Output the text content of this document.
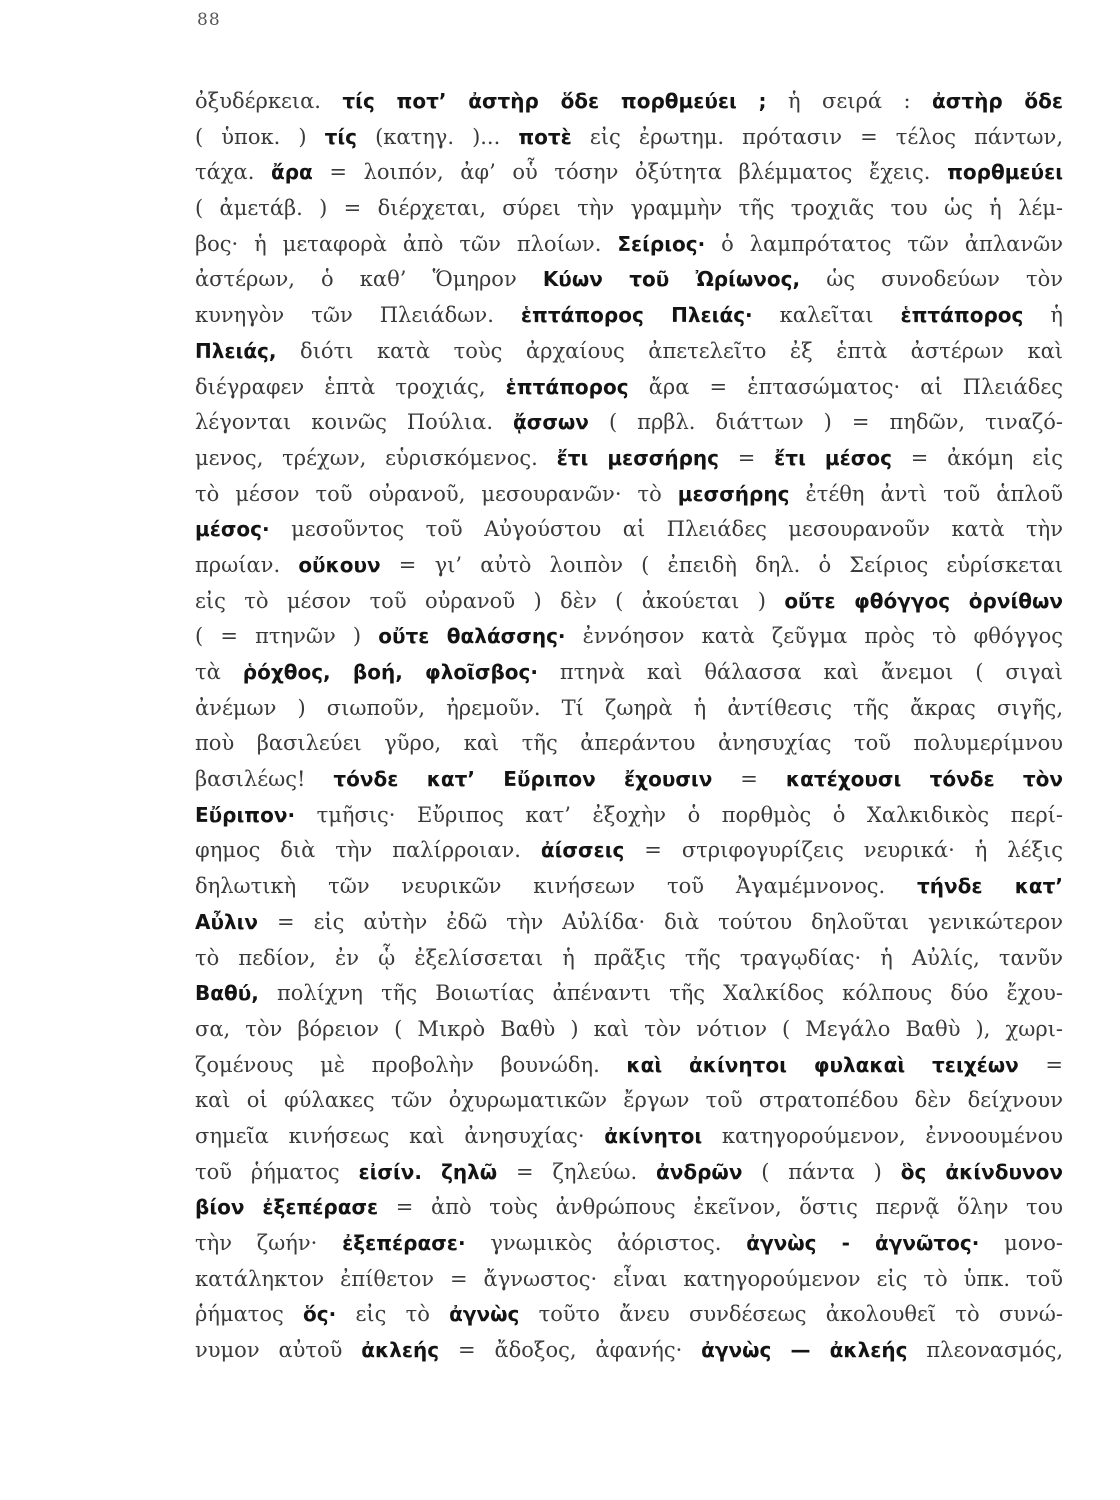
88
ὀξυδέρκεια. τίς ποτ’ ἀστὴρ ὅδε πορθμεύει ; ἡ σειρά : ἀστὴρ ὅδε
( ὑποκ. ) τίς (κατηγ. )... ποτὲ εἰς ἐρωτημ. πρότασιν = τέλος πάντων,
τάχα. ἄρα = λοιπόν, ἀφ’ οὗ τόσην ὀξύτητα βλέμματος ἔχεις. πορθμεύει
( ἀμετάβ. ) = διέρχεται, σύρει τὴν γραμμὴν τῆς τροχιᾶς του ὡς ἡ λέμ-
βος· ἡ μεταφορὰ ἀπὸ τῶν πλοίων. Σείριος· ὁ λαμπρότατος τῶν ἀπλανῶν
ἀστέρων, ὁ καθ’ Ὅμηρον Κύων τοῦ Ὠρίωνος, ὡς συνοδεύων τὸν
κυνηγὸν τῶν Πλειάδων. ἑπτάπορος Πλειάς· καλεῖται ἑπτάπορος ἡ
Πλειάς, διότι κατὰ τοὺς ἀρχαίους ἀπετελεῖτο ἐξ ἑπτὰ ἀστέρων καὶ
διέγραφεν ἑπτὰ τροχιάς, ἑπτάπορος ἄρα = ἑπτασώματος· αἱ Πλειάδες
λέγονται κοινῶς Πούλια. ᾄσσων ( πρβλ. διάττων ) = πηδῶν, τιναζό-
μενος, τρέχων, εὑρισκόμενος. ἔτι μεσσήρης = ἔτι μέσος = ἀκόμη εἰς
τὸ μέσον τοῦ οὐρανοῦ, μεσουρανῶν· τὸ μεσσήρης ἐτέθη ἀντὶ τοῦ ἁπλοῦ
μέσος· μεσοῦντος τοῦ Αὐγούστου αἱ Πλειάδες μεσουρανοῦν κατὰ τὴν
πρωίαν. οὔκουν = γι’ αὐτὸ λοιπὸν ( ἐπειδὴ δηλ. ὁ Σείριος εὑρίσκεται
εἰς τὸ μέσον τοῦ οὐρανοῦ ) δὲν ( ἀκούεται ) οὔτε φθόγγος ὀρνίθων
( = πτηνῶν ) οὔτε θαλάσσης· ἐννόησον κατὰ ζεῦγμα πρὸς τὸ φθόγγος
τὰ ῥόχθος, βοή, φλοῖσβος· πτηνὰ καὶ θάλασσα καὶ ἄνεμοι ( σιγαὶ
ἀνέμων ) σιωποῦν, ἠρεμοῦν. Τί ζωηρὰ ἡ ἀντίθεσις τῆς ἄκρας σιγῆς,
ποὺ βασιλεύει γῦρο, καὶ τῆς ἀπεράντου ἀνησυχίας τοῦ πολυμερίμνου
βασιλέως! τόνδε κατ’ Εὔριπον ἔχουσιν = κατέχουσι τόνδε τὸν
Εὔριπον· τμῆσις· Εὔριπος κατ’ ἐξοχὴν ὁ πορθμὸς ὁ Χαλκιδικὸς περί-
φημος διὰ τὴν παλίρροιαν. ἀίσσεις = στριφογυρίζεις νευρικά· ἡ λέξις
δηλωτικὴ τῶν νευρικῶν κινήσεων τοῦ Ἀγαμέμνονος. τήνδε κατ’
Αὖλιν = εἰς αὐτὴν ἐδῶ τὴν Αὐλίδα· διὰ τούτου δηλοῦται γενικώτερον
τὸ πεδίον, ἐν ᾧ ἐξελίσσεται ἡ πρᾶξις τῆς τραγῳδίας· ἡ Αὐλίς, τανῦν
Βαθύ, πολίχνη τῆς Βοιωτίας ἀπέναντι τῆς Χαλκίδος κόλπους δύο ἔχου-
σα, τὸν βόρειον ( Μικρὸ Βαθὺ ) καὶ τὸν νότιον ( Μεγάλο Βαθὺ ), χωρι-
ζομένους μὲ προβολὴν βουνώδη. καὶ ἀκίνητοι φυλακαὶ τειχέων =
καὶ οἱ φύλακες τῶν ὀχυρωματικῶν ἔργων τοῦ στρατοπέδου δὲν δείχνουν
σημεῖα κινήσεως καὶ ἀνησυχίας· ἀκίνητοι κατηγορούμενον, ἐννοουμένου
τοῦ ῥήματος εἰσίν. ζηλῶ = ζηλεύω. ἀνδρῶν ( πάντα ) ὃς ἀκίνδυνον
βίον ἐξεπέρασε = ἀπὸ τοὺς ἀνθρώπους ἐκεῖνον, ὅστις περνᾷ ὅλην του
τὴν ζωήν· ἐξεπέρασε· γνωμικὸς ἀόριστος. ἀγνὼς - ἀγνῶτος· μονο-
κατάληκτον ἐπίθετον = ἄγνωστος· εἶναι κατηγορούμενον εἰς τὸ ὑπκ. τοῦ
ῥήματος ὅς· εἰς τὸ ἀγνὼς τοῦτο ἄνευ συνδέσεως ἀκολουθεῖ τὸ συνώ-
νυμον αὐτοῦ ἀκλεής = ἄδοξος, ἀφανής· ἀγνὼς — ἀκλεής πλεονασμός,
